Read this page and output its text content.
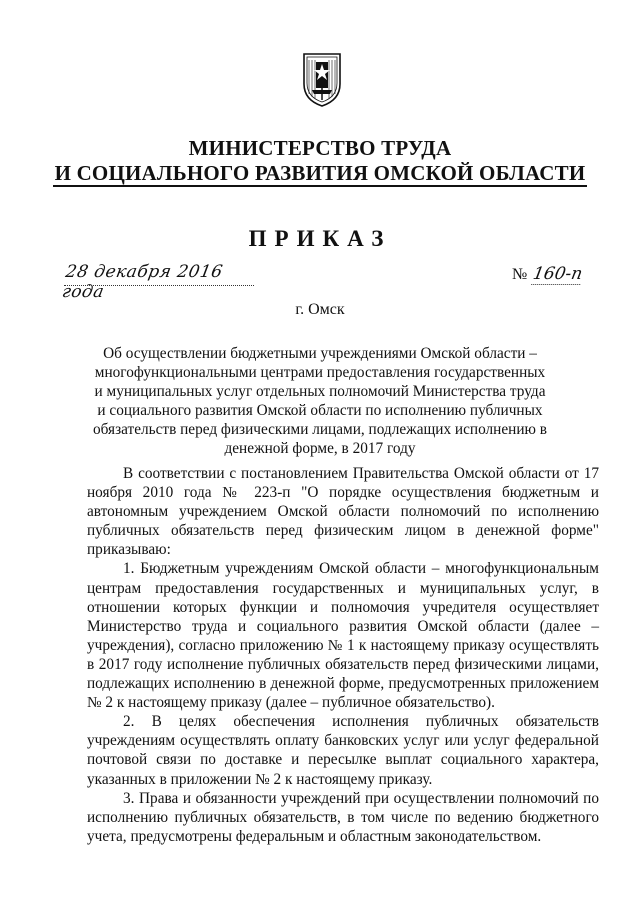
МИНИСТЕРСТВО ТРУДА
И СОЦИАЛЬНОГО РАЗВИТИЯ ОМСКОЙ ОБЛАСТИ
ПРИКАЗ
28 декабря 2016 года
№ 160-п
г. Омск
Об осуществлении бюджетными учреждениями Омской области – многофункциональными центрами предоставления государственных и муниципальных услуг отдельных полномочий Министерства труда и социального развития Омской области по исполнению публичных обязательств перед физическими лицами, подлежащих исполнению в денежной форме, в 2017 году

В соответствии с постановлением Правительства Омской области от 17 ноября 2010 года № 223-п "О порядке осуществления бюджетным и автономным учреждением Омской области полномочий по исполнению публичных обязательств перед физическим лицом в денежной форме" приказываю:

1. Бюджетным учреждениям Омской области – многофункциональным центрам предоставления государственных и муниципальных услуг, в отношении которых функции и полномочия учредителя осуществляет Министерство труда и социального развития Омской области (далее – учреждения), согласно приложению № 1 к настоящему приказу осуществлять в 2017 году исполнение публичных обязательств перед физическими лицами, подлежащих исполнению в денежной форме, предусмотренных приложением № 2 к настоящему приказу (далее – публичное обязательство).

2. В целях обеспечения исполнения публичных обязательств учреждениям осуществлять оплату банковских услуг или услуг федеральной почтовой связи по доставке и пересылке выплат социального характера, указанных в приложении № 2 к настоящему приказу.

3. Права и обязанности учреждений при осуществлении полномочий по исполнению публичных обязательств, в том числе по ведению бюджетного учета, предусмотрены федеральным и областным законодательством.
